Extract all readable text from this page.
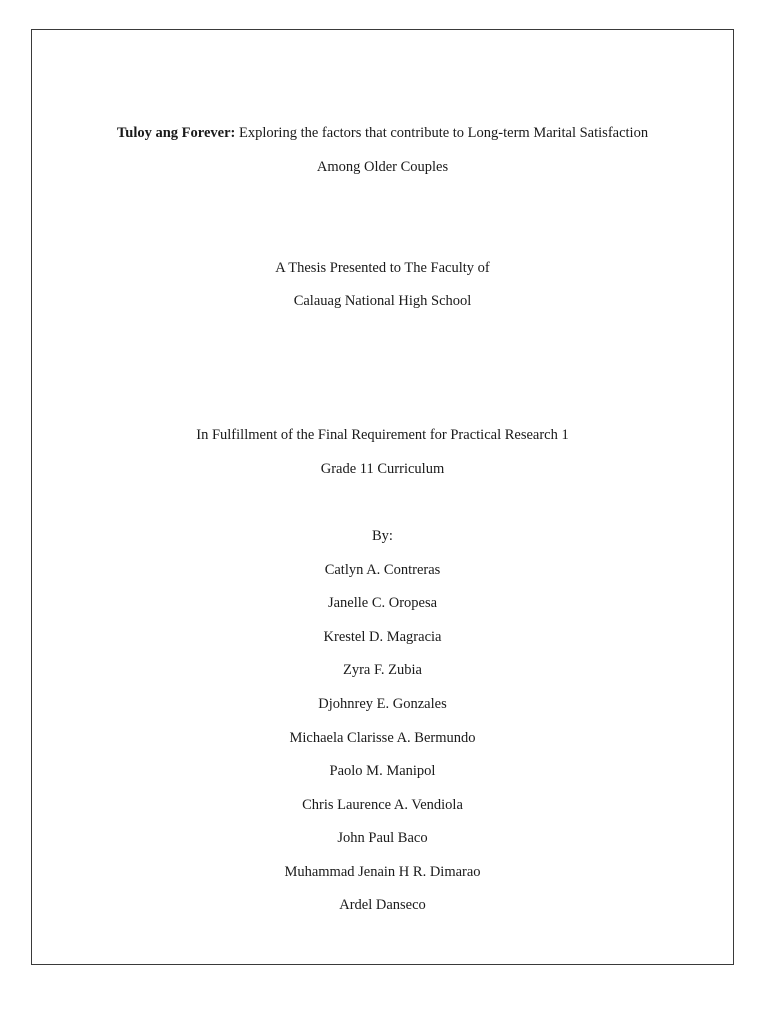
Tuloy ang Forever: Exploring the factors that contribute to Long-term Marital Satisfaction
Among Older Couples
A Thesis Presented to The Faculty of
Calauag National High School
In Fulfillment of the Final Requirement for Practical Research 1
Grade 11 Curriculum
By:
Catlyn A. Contreras
Janelle C. Oropesa
Krestel D. Magracia
Zyra F. Zubia
Djohnrey E. Gonzales
Michaela Clarisse A. Bermundo
Paolo M. Manipol
Chris Laurence A. Vendiola
John Paul Baco
Muhammad Jenain H R. Dimarao
Ardel Danseco
